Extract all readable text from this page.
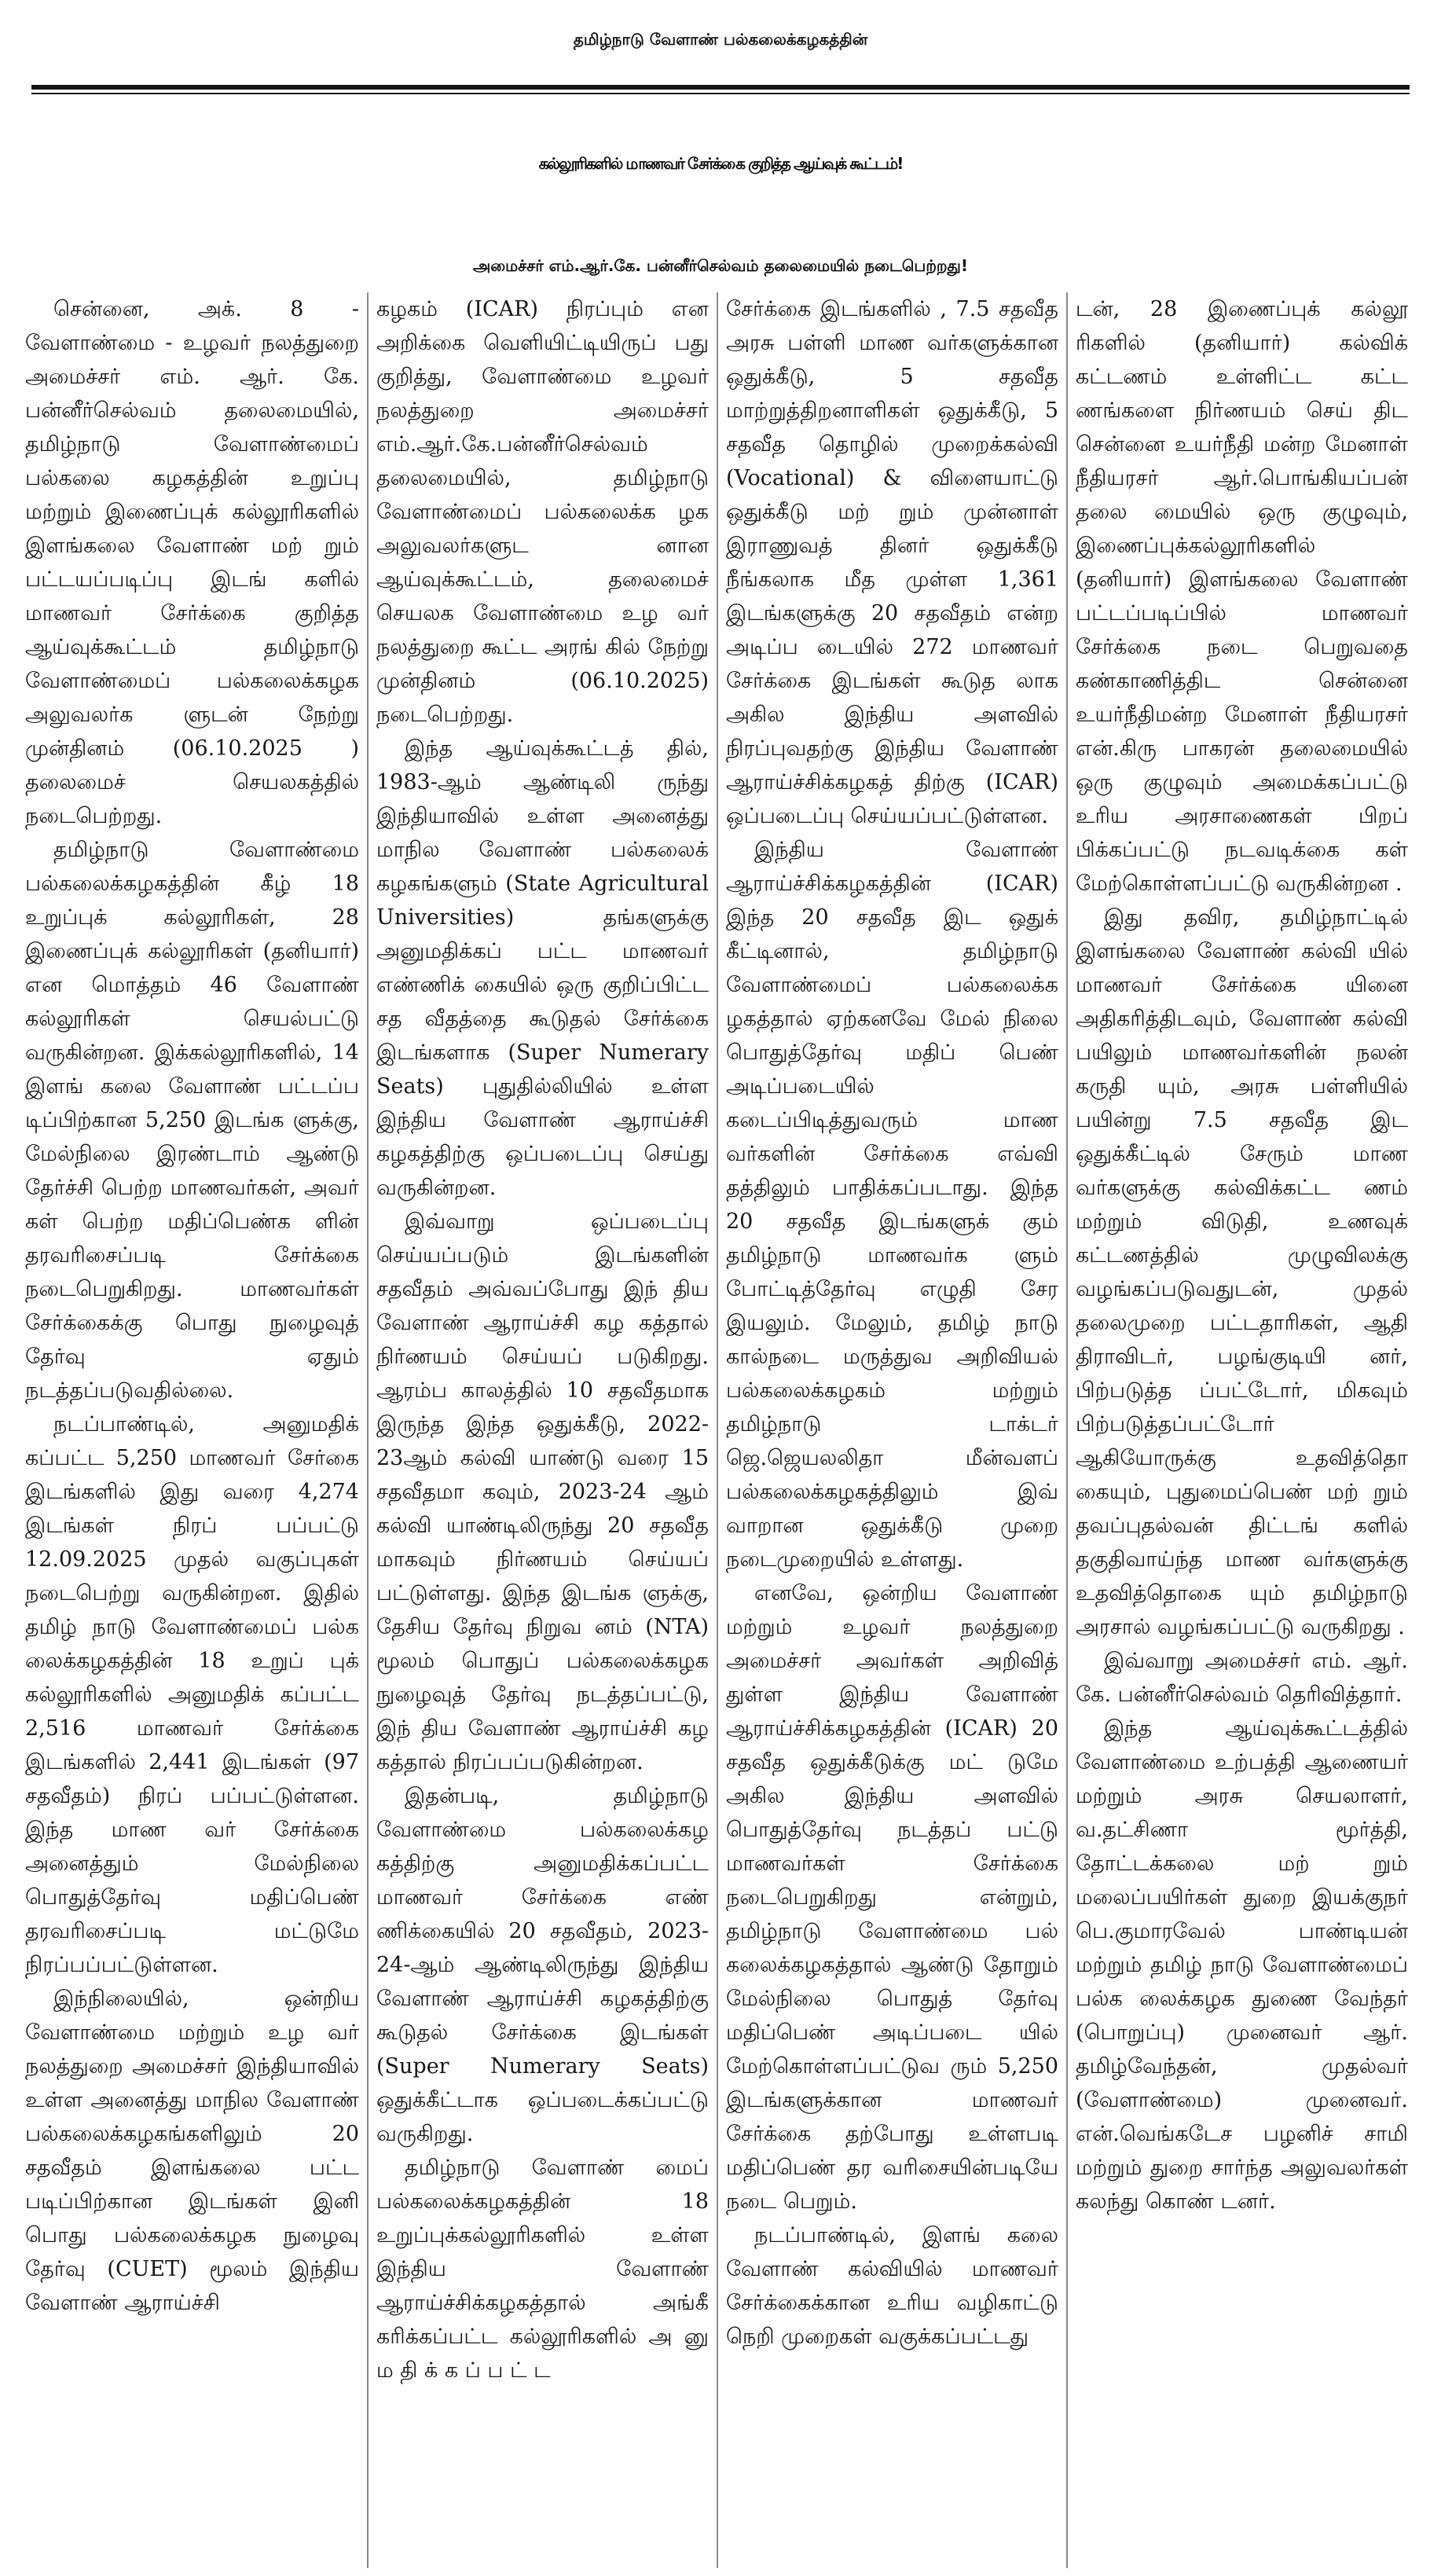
தமிழ்நாடு வேளாண் பல்கலைக்கழகத்தின்
கல்லூரிகளில் மாணவர் சேர்க்கை குறித்த ஆய்வுக் கூட்டம்!
அமைச்சர் எம்.ஆர்.கே. பன்னீர்செல்வம் தலைமையில் நடைபெற்றது!

சென்னை, அக். 8 - வேளாண்மை - உழவர் நலத்துறை அமைச்சர் எம். ஆர். கே. பன்னீர்செல்வம் தலைமையில், தமிழ்நாடு வேளாண்மைப் பல்கலை கழகத்தின் உறுப்பு மற்றும் இணைப்புக் கல்லூரிகளில் இளங்கலை வேளாண் மற் றும் பட்டயப்படிப்பு இடங் களில் மாணவர் சேர்க்கை குறித்த ஆய்வுக்கூட்டம் தமிழ்நாடு வேளாண்மைப் பல்கலைக்கழக அலுவலர்க ளுடன் நேற்று முன்தினம் (06.10.2025 ) தலைமைச் செயலகத்தில் நடைபெற்றது.

தமிழ்நாடு வேளாண்மை பல்கலைக்கழகத்தின் கீழ் 18 உறுப்புக் கல்லூரிகள், 28 இணைப்புக் கல்லூரிகள் (தனியார்) என மொத்தம் 46 வேளாண் கல்லூரிகள் செயல்பட்டு வருகின்றன. இக்கல்லூரிகளில், 14 இளங் கலை வேளாண் பட்டப்ப டிப்பிற்கான 5,250 இடங்க ளுக்கு, மேல்நிலை இரண்டாம் ஆண்டு தேர்ச்சி பெற்ற மாணவர்கள், அவர் கள் பெற்ற மதிப்பெண்க ளின் தரவரிசைப்படி சேர்க்கை நடைபெறுகிறது. மாணவர்கள் சேர்க்கைக்கு பொது நுழைவுத் தேர்வு ஏதும் நடத்தப்படுவதில்லை.

நடப்பாண்டில், அனுமதிக் கப்பட்ட 5,250 மாணவர் சேர்கை இடங்களில் இது வரை 4,274 இடங்கள் நிரப் பப்பட்டு 12.09.2025 முதல் வகுப்புகள் நடைபெற்று வருகின்றன. இதில் தமிழ் நாடு வேளாண்மைப் பல்க லைக்கழகத்தின் 18 உறுப் புக் கல்லூரிகளில் அனுமதிக் கப்பட்ட 2,516 மாணவர் சேர்க்கை இடங்களில் 2,441 இடங்கள் (97 சதவீதம்) நிரப் பப்பட்டுள்ளன. இந்த மாண வர் சேர்க்கை அனைத்தும் மேல்நிலை பொதுத்தேர்வு மதிப்பெண் தரவரிசைப்படி மட்டுமே நிரப்பப்பட்டுள்ளன.

இந்நிலையில், ஒன்றிய வேளாண்மை மற்றும் உழ வர் நலத்துறை அமைச்சர் இந்தியாவில் உள்ள அனைத்து மாநில வேளாண் பல்கலைக்கழகங்களிலும் 20 சதவீதம் இளங்கலை பட்ட படிப்பிற்கான இடங்கள் இனி பொது பல்கலைக்கழக நுழைவு தேர்வு (CUET) மூலம் இந்திய வேளாண் ஆராய்ச்சி

கழகம் (ICAR) நிரப்பும் என அறிக்கை வெளியிட்டியிருப் பது குறித்து, வேளாண்மை உழவர் நலத்துறை அமைச்சர் எம்.ஆர்.கே.பன்னீர்செல்வம் தலைமையில், தமிழ்நாடு வேளாண்மைப் பல்கலைக்க ழக அலுவலர்களுட னான ஆய்வுக்கூட்டம், தலைமைச் செயலக வேளாண்மை உழ வர் நலத்துறை கூட்ட அரங் கில் நேற்று முன்தினம் (06.10.2025) நடைபெற்றது.

இந்த ஆய்வுக்கூட்டத் தில், 1983-ஆம் ஆண்டிலி ருந்து இந்தியாவில் உள்ள அனைத்து மாநில வேளாண் பல்கலைக் கழகங்களும் (State Agricultural Universities) தங்களுக்கு அனுமதிக்கப் பட்ட மாணவர் எண்ணிக் கையில் ஒரு குறிப்பிட்ட சத வீதத்தை கூடுதல் சேர்க்கை இடங்களாக (Super Numerary Seats) புதுதில்லியில் உள்ள இந்திய வேளாண் ஆராய்ச்சி கழகத்திற்கு ஒப்படைப்பு செய்து வருகின்றன.

இவ்வாறு ஒப்படைப்பு செய்யப்படும் இடங்களின் சதவீதம் அவ்வப்போது இந் திய வேளாண் ஆராய்ச்சி கழ கத்தால் நிர்ணயம் செய்யப் படுகிறது. ஆரம்ப காலத்தில் 10 சதவீதமாக இருந்த இந்த ஒதுக்கீடு, 2022-23ஆம் கல்வி யாண்டு வரை 15 சதவீதமா கவும், 2023-24 ஆம் கல்வி யாண்டிலிருந்து 20 சதவீத மாகவும் நிர்ணயம் செய்யப் பட்டுள்ளது. இந்த இடங்க ளுக்கு, தேசிய தேர்வு நிறுவ னம் (NTA) மூலம் பொதுப் பல்கலைக்கழக நுழைவுத் தேர்வு நடத்தப்பட்டு, இந் திய வேளாண் ஆராய்ச்சி கழ கத்தால் நிரப்பப்படுகின்றன.

இதன்படி, தமிழ்நாடு வேளாண்மை பல்கலைக்கழ கத்திற்கு அனுமதிக்கப்பட்ட மாணவர் சேர்க்கை எண் ணிக்கையில் 20 சதவீதம், 2023-24-ஆம் ஆண்டிலிருந்து இந்திய வேளாண் ஆராய்ச்சி கழகத்திற்கு கூடுதல் சேர்க்கை இடங்கள் (Super Numerary Seats) ஒதுக்கீட்டாக ஒப்படைக்கப்பட்டு வருகிறது.

தமிழ்நாடு வேளாண் மைப் பல்கலைக்கழகத்தின் 18 உறுப்புக்கல்லூரிகளில் உள்ள இந்திய வேளாண் ஆராய்ச்சிக்கழகத்தால் அங்கீ கரிக்கப்பட்ட கல்லூரிகளில் அ னு ம தி க் க ப் ப ட் ட

சேர்க்கை இடங்களில் , 7.5 சதவீத அரசு பள்ளி மாண வர்களுக்கான ஒதுக்கீடு, 5 சதவீத மாற்றுத்திறனாளிகள் ஒதுக்கீடு, 5 சதவீத தொழில் முறைக்கல்வி (Vocational) & விளையாட்டு ஒதுக்கீடு மற் றும் முன்னாள் இராணுவத் தினர் ஒதுக்கீடு நீங்கலாக மீத முள்ள 1,361 இடங்களுக்கு 20 சதவீதம் என்ற அடிப்ப டையில் 272 மாணவர் சேர்க்கை இடங்கள் கூடுத லாக அகில இந்திய அளவில் நிரப்புவதற்கு இந்திய வேளாண் ஆராய்ச்சிக்கழகத் திற்கு (ICAR) ஒப்படைப்பு செய்யப்பட்டுள்ளன.

இந்திய வேளாண் ஆராய்ச்சிக்கழகத்தின் (ICAR) இந்த 20 சதவீத இட ஒதுக் கீட்டினால், தமிழ்நாடு வேளாண்மைப் பல்கலைக்க ழகத்தால் ஏற்கனவே மேல் நிலை பொதுத்தேர்வு மதிப் பெண் அடிப்படையில் கடைப்பிடித்துவரும் மாண வர்களின் சேர்க்கை எவ்வி தத்திலும் பாதிக்கப்படாது. இந்த 20 சதவீத இடங்களுக் கும் தமிழ்நாடு மாணவர்க ளும் போட்டித்தேர்வு எழுதி சேர இயலும். மேலும், தமிழ் நாடு கால்நடை மருத்துவ அறிவியல் பல்கலைக்கழகம் மற்றும் தமிழ்நாடு டாக்டர் ஜெ.ஜெயலலிதா மீன்வளப் பல்கலைக்கழகத்திலும் இவ் வாறான ஒதுக்கீடு முறை நடைமுறையில் உள்ளது.

எனவே, ஒன்றிய வேளாண் மற்றும் உழவர் நலத்துறை அமைச்சர் அவர்கள் அறிவித் துள்ள இந்திய வேளாண் ஆராய்ச்சிக்கழகத்தின் (ICAR) 20 சதவீத ஒதுக்கீடுக்கு மட் டுமே அகில இந்திய அளவில் பொதுத்தேர்வு நடத்தப் பட்டு மாணவர்கள் சேர்க்கை நடைபெறுகிறது என்றும், தமிழ்நாடு வேளாண்மை பல் கலைக்கழகத்தால் ஆண்டு தோறும் மேல்நிலை பொதுத் தேர்வு மதிப்பெண் அடிப்படை யில் மேற்கொள்ளப்பட்டுவ ரும் 5,250 இடங்களுக்கான மாணவர் சேர்க்கை தற்போது உள்ளபடி மதிப்பெண் தர வரிசையின்படியே நடை பெறும்.

நடப்பாண்டில், இளங் கலை வேளாண் கல்வியில் மாணவர் சேர்க்கைக்கான உரிய வழிகாட்டு நெறி முறைகள் வகுக்கப்பட்டது

டன், 28 இணைப்புக் கல்லூ ரிகளில் (தனியார்) கல்விக் கட்டணம் உள்ளிட்ட கட்ட ணங்களை நிர்ணயம் செய் திட சென்னை உயர்நீதி மன்ற மேனாள் நீதியரசர் ஆர்.பொங்கியப்பன் தலை மையில் ஒரு குழுவும், இணைப்புக்கல்லூரிகளில் (தனியார்) இளங்கலை வேளாண் பட்டப்படிப்பில் மாணவர் சேர்க்கை நடை பெறுவதை கண்காணித்திட சென்னை உயர்நீதிமன்ற மேனாள் நீதியரசர் என்.கிரு பாகரன் தலைமையில் ஒரு குழுவும் அமைக்கப்பட்டு உரிய அரசாணைகள் பிறப் பிக்கப்பட்டு நடவடிக்கை கள் மேற்கொள்ளப்பட்டு வருகின்றன .

இது தவிர, தமிழ்நாட்டில் இளங்கலை வேளாண் கல்வி யில் மாணவர் சேர்க்கை யினை அதிகரித்திடவும், வேளாண் கல்வி பயிலும் மாணவர்களின் நலன் கருதி யும், அரசு பள்ளியில் பயின்று 7.5 சதவீத இட ஒதுக்கீட்டில் சேரும் மாண வர்களுக்கு கல்விக்கட்ட ணம் மற்றும் விடுதி, உணவுக் கட்டணத்தில் முழுவிலக்கு வழங்கப்படுவதுடன், முதல் தலைமுறை பட்டதாரிகள், ஆதி திராவிடர், பழங்குடியி னர், பிற்படுத்த ப்பட்டோர், மிகவும் பிற்படுத்தப்பட்டோர் ஆகியோருக்கு உதவித்தொ கையும், புதுமைப்பெண் மற் றும் தவப்புதல்வன் திட்டங் களில் தகுதிவாய்ந்த மாண வர்களுக்கு உதவித்தொகை யும் தமிழ்நாடு அரசால் வழங்கப்பட்டு வருகிறது .

இவ்வாறு அமைச்சர் எம். ஆர். கே. பன்னீர்செல்வம் தெரிவித்தார்.

இந்த ஆய்வுக்கூட்டத்தில் வேளாண்மை உற்பத்தி ஆணையர் மற்றும் அரசு செயலாளர், வ.தட்சிணா மூர்த்தி, தோட்டக்கலை மற் றும் மலைப்பயிர்கள் துறை இயக்குநர் பெ.குமாரவேல் பாண்டியன் மற்றும் தமிழ் நாடு வேளாண்மைப் பல்க லைக்கழக துணை வேந்தர் (பொறுப்பு) முனைவர் ஆர். தமிழ்வேந்தன், முதல்வர் (வேளாண்மை) முனைவர். என்.வெங்கடேச பழனிச் சாமி மற்றும் துறை சார்ந்த அலுவலர்கள் கலந்து கொண் டனர்.
